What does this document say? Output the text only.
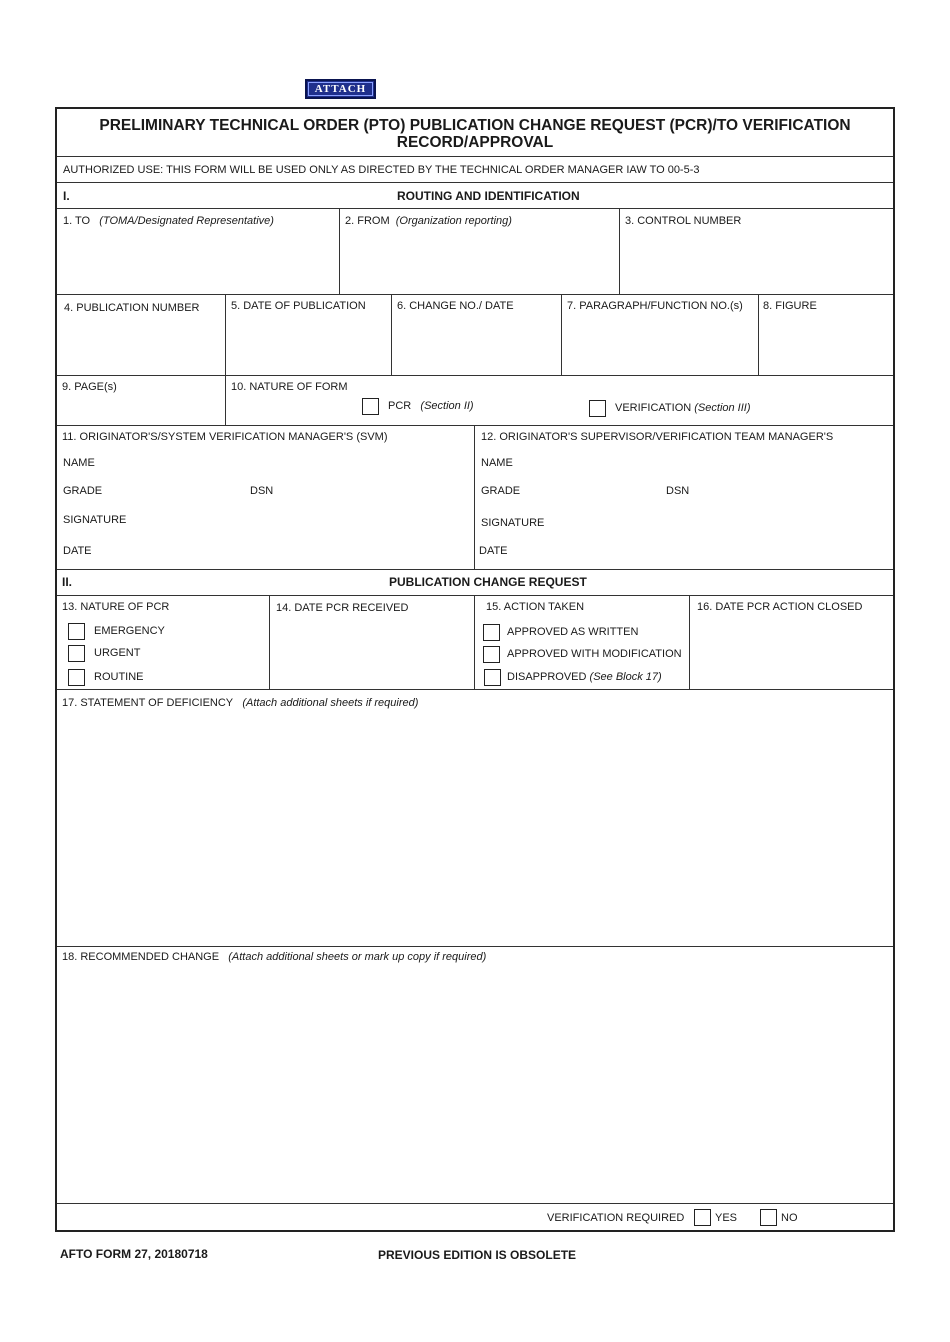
ATTACH
PRELIMINARY TECHNICAL ORDER (PTO) PUBLICATION CHANGE REQUEST (PCR)/TO VERIFICATION
RECORD/APPROVAL
AUTHORIZED USE: THIS FORM WILL BE USED ONLY AS DIRECTED BY THE TECHNICAL ORDER MANAGER IAW TO 00-5-3
I.	ROUTING AND IDENTIFICATION
1. TO (TOMA/Designated Representative)	2. FROM (Organization reporting)	3. CONTROL NUMBER
4. PUBLICATION NUMBER	5. DATE OF PUBLICATION	6. CHANGE NO./ DATE	7. PARAGRAPH/FUNCTION NO.(s) 8. FIGURE
9. PAGE(s)	10. NATURE OF FORM
PCR (Section II)	VERIFICATION (Section III)
11. ORIGINATOR'S/SYSTEM VERIFICATION MANAGER'S (SVM)
NAME
GRADE	DSN
SIGNATURE
DATE
12. ORIGINATOR'S SUPERVISOR/VERIFICATION TEAM MANAGER'S
NAME
GRADE	DSN
SIGNATURE
DATE
II.	PUBLICATION CHANGE REQUEST
13. NATURE OF PCR
EMERGENCY
URGENT
ROUTINE
14. DATE PCR RECEIVED	15. ACTION TAKEN
APPROVED AS WRITTEN
APPROVED WITH MODIFICATION
DISAPPROVED (See Block 17)
16. DATE PCR ACTION CLOSED
17. STATEMENT OF DEFICIENCY (Attach additional sheets if required)
18. RECOMMENDED CHANGE (Attach additional sheets or mark up copy if required)
VERIFICATION REQUIRED	YES	NO
AFTO FORM 27, 20180718	PREVIOUS EDITION IS OBSOLETE
